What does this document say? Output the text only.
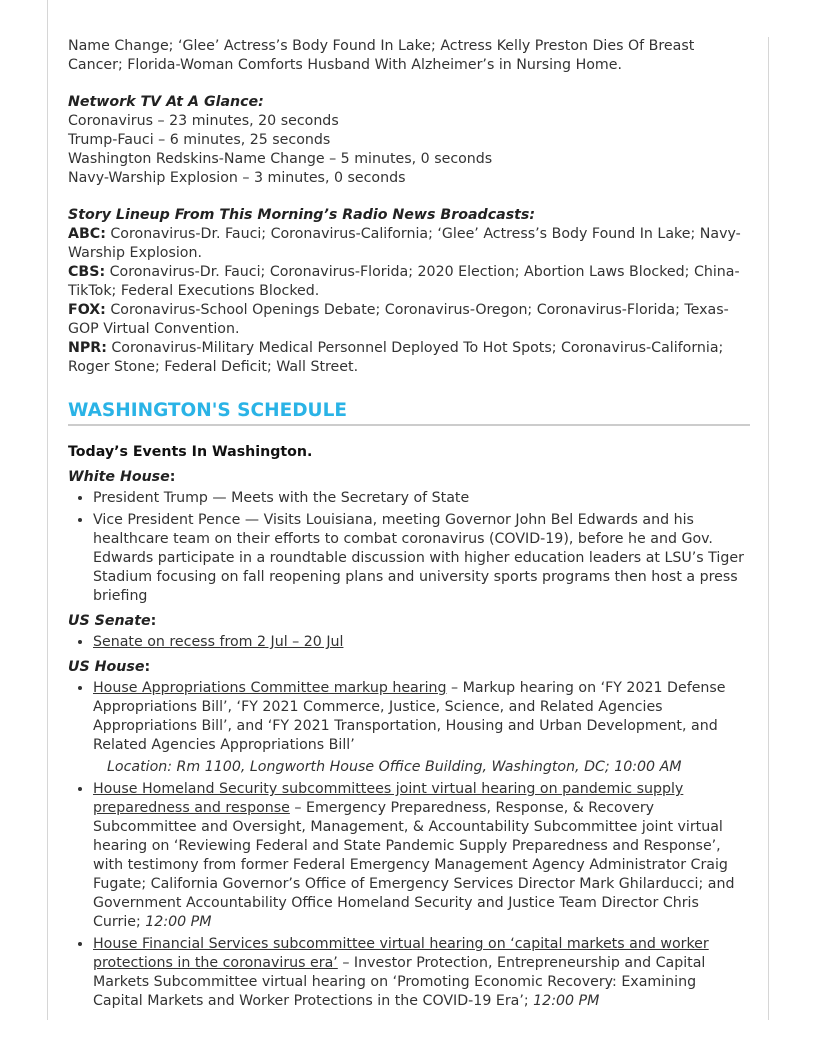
Name Change; ‘Glee’ Actress’s Body Found In Lake; Actress Kelly Preston Dies Of Breast Cancer; Florida-Woman Comforts Husband With Alzheimer’s in Nursing Home.

Network TV At A Glance:

Coronavirus – 23 minutes, 20 seconds

Trump-Fauci – 6 minutes, 25 seconds

Washington Redskins-Name Change – 5 minutes, 0 seconds

Navy-Warship Explosion – 3 minutes, 0 seconds

Story Lineup From This Morning’s Radio News Broadcasts:

ABC: Coronavirus-Dr. Fauci; Coronavirus-California; ‘Glee’ Actress’s Body Found In Lake; Navy-Warship Explosion.

CBS: Coronavirus-Dr. Fauci; Coronavirus-Florida; 2020 Election; Abortion Laws Blocked; China-TikTok; Federal Executions Blocked.

FOX: Coronavirus-School Openings Debate; Coronavirus-Oregon; Coronavirus-Florida; Texas-GOP Virtual Convention.

NPR: Coronavirus-Military Medical Personnel Deployed To Hot Spots; Coronavirus-California; Roger Stone; Federal Deficit; Wall Street.

WASHINGTON'S SCHEDULE

Today’s Events In Washington.

White House:

• President Trump — Meets with the Secretary of State
• Vice President Pence — Visits Louisiana, meeting Governor John Bel Edwards and his healthcare team on their efforts to combat coronavirus (COVID-19), before he and Gov. Edwards participate in a roundtable discussion with higher education leaders at LSU’s Tiger Stadium focusing on fall reopening plans and university sports programs then host a press briefing

US Senate:

• Senate on recess from 2 Jul – 20 Jul

US House:

• House Appropriations Committee markup hearing – Markup hearing on ‘FY 2021 Defense Appropriations Bill’, ‘FY 2021 Commerce, Justice, Science, and Related Agencies Appropriations Bill’, and ‘FY 2021 Transportation, Housing and Urban Development, and Related Agencies Appropriations Bill’
Location: Rm 1100, Longworth House Office Building, Washington, DC; 10:00 AM
• House Homeland Security subcommittees joint virtual hearing on pandemic supply preparedness and response – Emergency Preparedness, Response, & Recovery Subcommittee and Oversight, Management, & Accountability Subcommittee joint virtual hearing on ‘Reviewing Federal and State Pandemic Supply Preparedness and Response’, with testimony from former Federal Emergency Management Agency Administrator Craig Fugate; California Governor’s Office of Emergency Services Director Mark Ghilarducci; and Government Accountability Office Homeland Security and Justice Team Director Chris Currie; 12:00 PM
• House Financial Services subcommittee virtual hearing on ‘capital markets and worker protections in the coronavirus era’ – Investor Protection, Entrepreneurship and Capital Markets Subcommittee virtual hearing on ‘Promoting Economic Recovery: Examining Capital Markets and Worker Protections in the COVID-19 Era’; 12:00 PM
